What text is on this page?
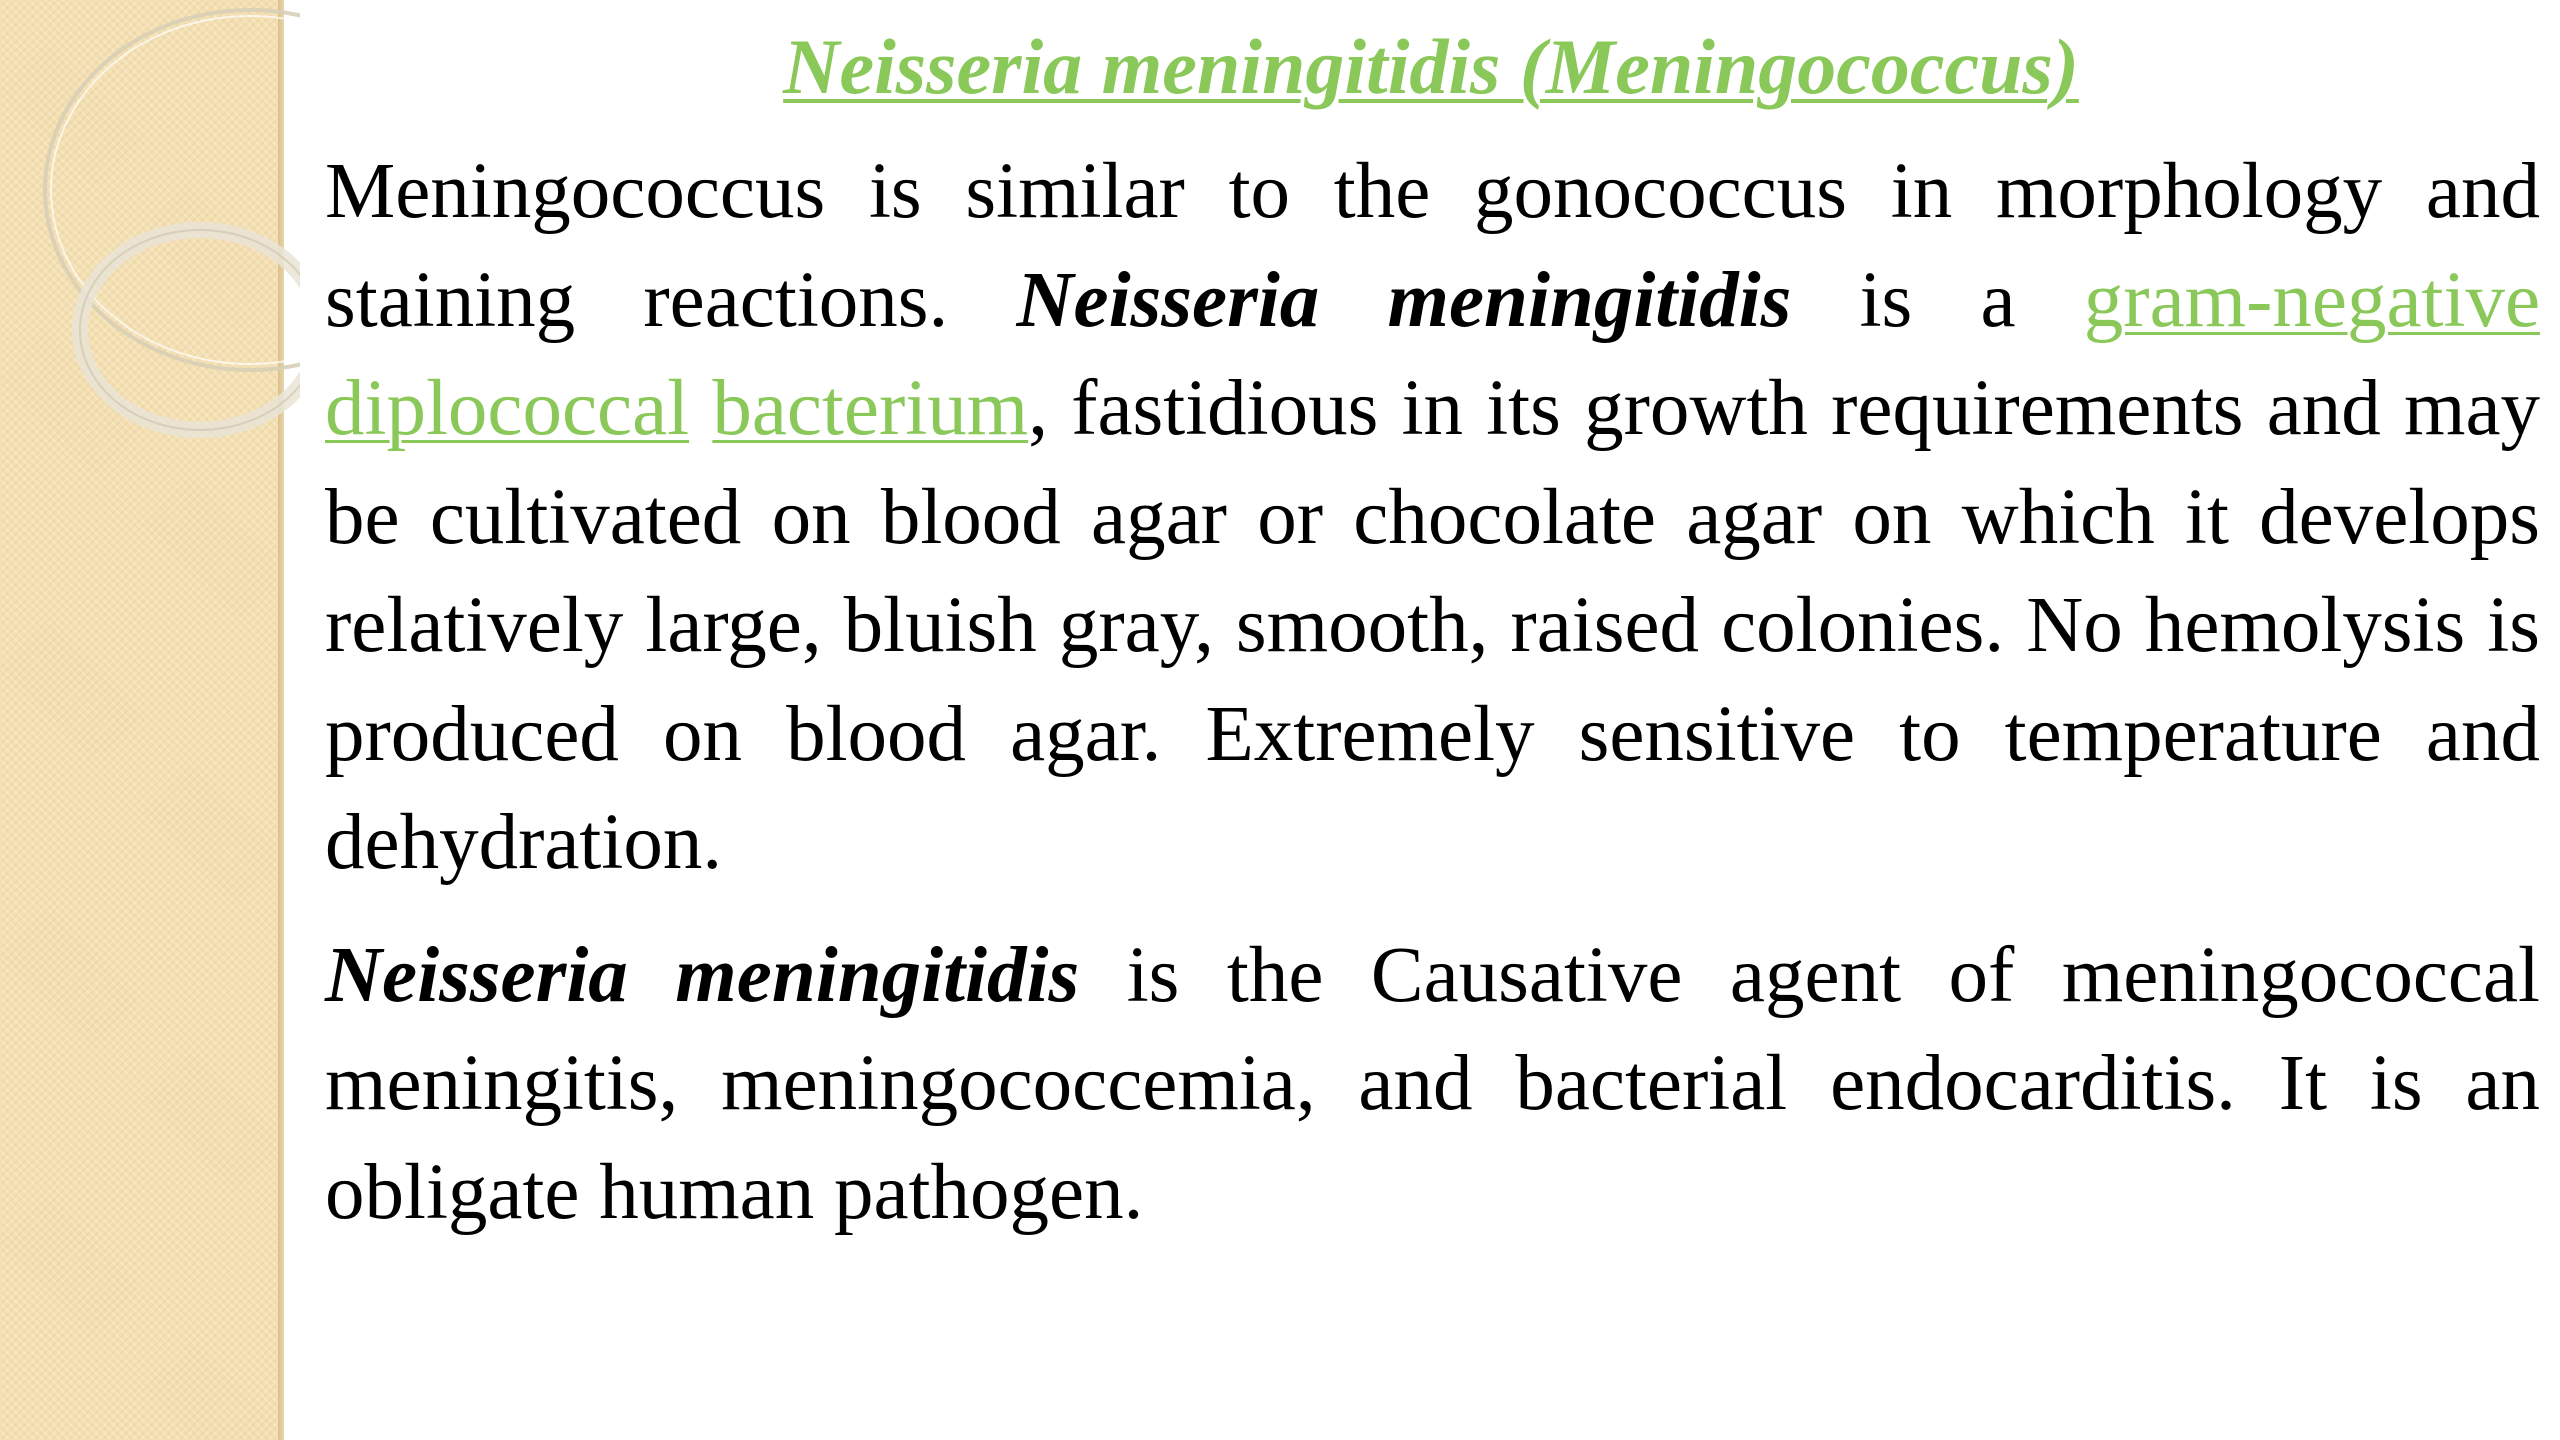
Neisseria meningitidis (Meningococcus)

Meningococcus is similar to the gonococcus in morphology and staining reactions. Neisseria meningitidis is a gram-negative diplococcal bacterium, fastidious in its growth requirements and may be cultivated on blood agar or chocolate agar on which it develops relatively large, bluish gray, smooth, raised colonies. No hemolysis is produced on blood agar. Extremely sensitive to temperature and dehydration.

Neisseria meningitidis is the Causative agent of meningococcal meningitis, meningococcemia, and bacterial endocarditis. It is an obligate human pathogen.
